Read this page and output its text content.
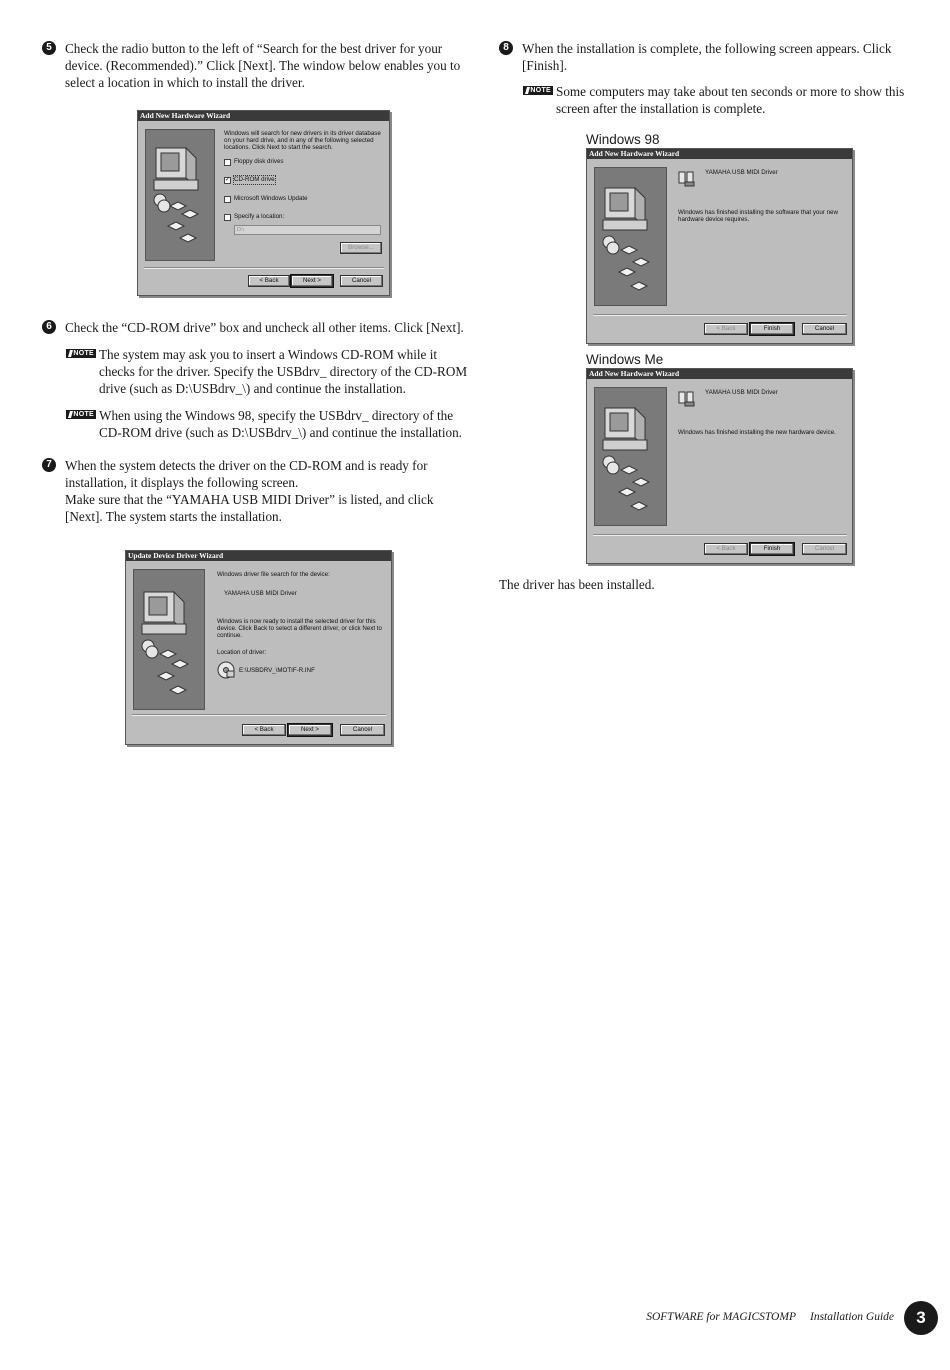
5	Check the radio button to the left of “Search for the best driver for your device. (Recommended).” Click [Next]. The window below enables you to select a location in which to install the driver.

Add New Hardware Wizard
Windows will search for new drivers in its driver database on your hard drive, and in any of the following selected locations. Click Next to start the search.
Floppy disk drives
✓ CD-ROM drive
Microsoft Windows Update
Specify a location:
D:\
Browse...
< Back	Next >	Cancel
6	Check the “CD-ROM drive” box and uncheck all other items. Click [Next].

NOTE The system may ask you to insert a Windows CD-ROM while it checks for the driver. Specify the USBdrv_ directory of the CD-ROM drive (such as D:\USBdrv_\) and continue the installation.

NOTE When using the Windows 98, specify the USBdrv_ directory of the CD-ROM drive (such as D:\USBdrv_\) and continue the installation.

7	When the system detects the driver on the CD-ROM and is ready for installation, it displays the following screen.

Make sure that the “YAMAHA USB MIDI Driver” is listed, and click [Next]. The system starts the installation.

Update Device Driver Wizard
Windows driver file search for the device:
YAMAHA USB MIDI Driver
Windows is now ready to install the selected driver for this device. Click Back to select a different driver, or click Next to continue.
Location of driver:
E:\USBDRV_\MOTIF-R.INF
< Back	Next >	Cancel
8	When the installation is complete, the following screen appears. Click [Finish].

NOTE Some computers may take about ten seconds or more to show this screen after the installation is complete.

Windows 98
Add New Hardware Wizard
YAMAHA USB MIDI Driver
Windows has finished installing the software that your new hardware device requires.
< Back	Finish	Cancel
Windows Me
Add New Hardware Wizard
YAMAHA USB MIDI Driver
Windows has finished installing the new hardware device.
< Back	Finish	Cancel

The driver has been installed.

SOFTWARE for MAGICSTOMP Installation Guide	3
